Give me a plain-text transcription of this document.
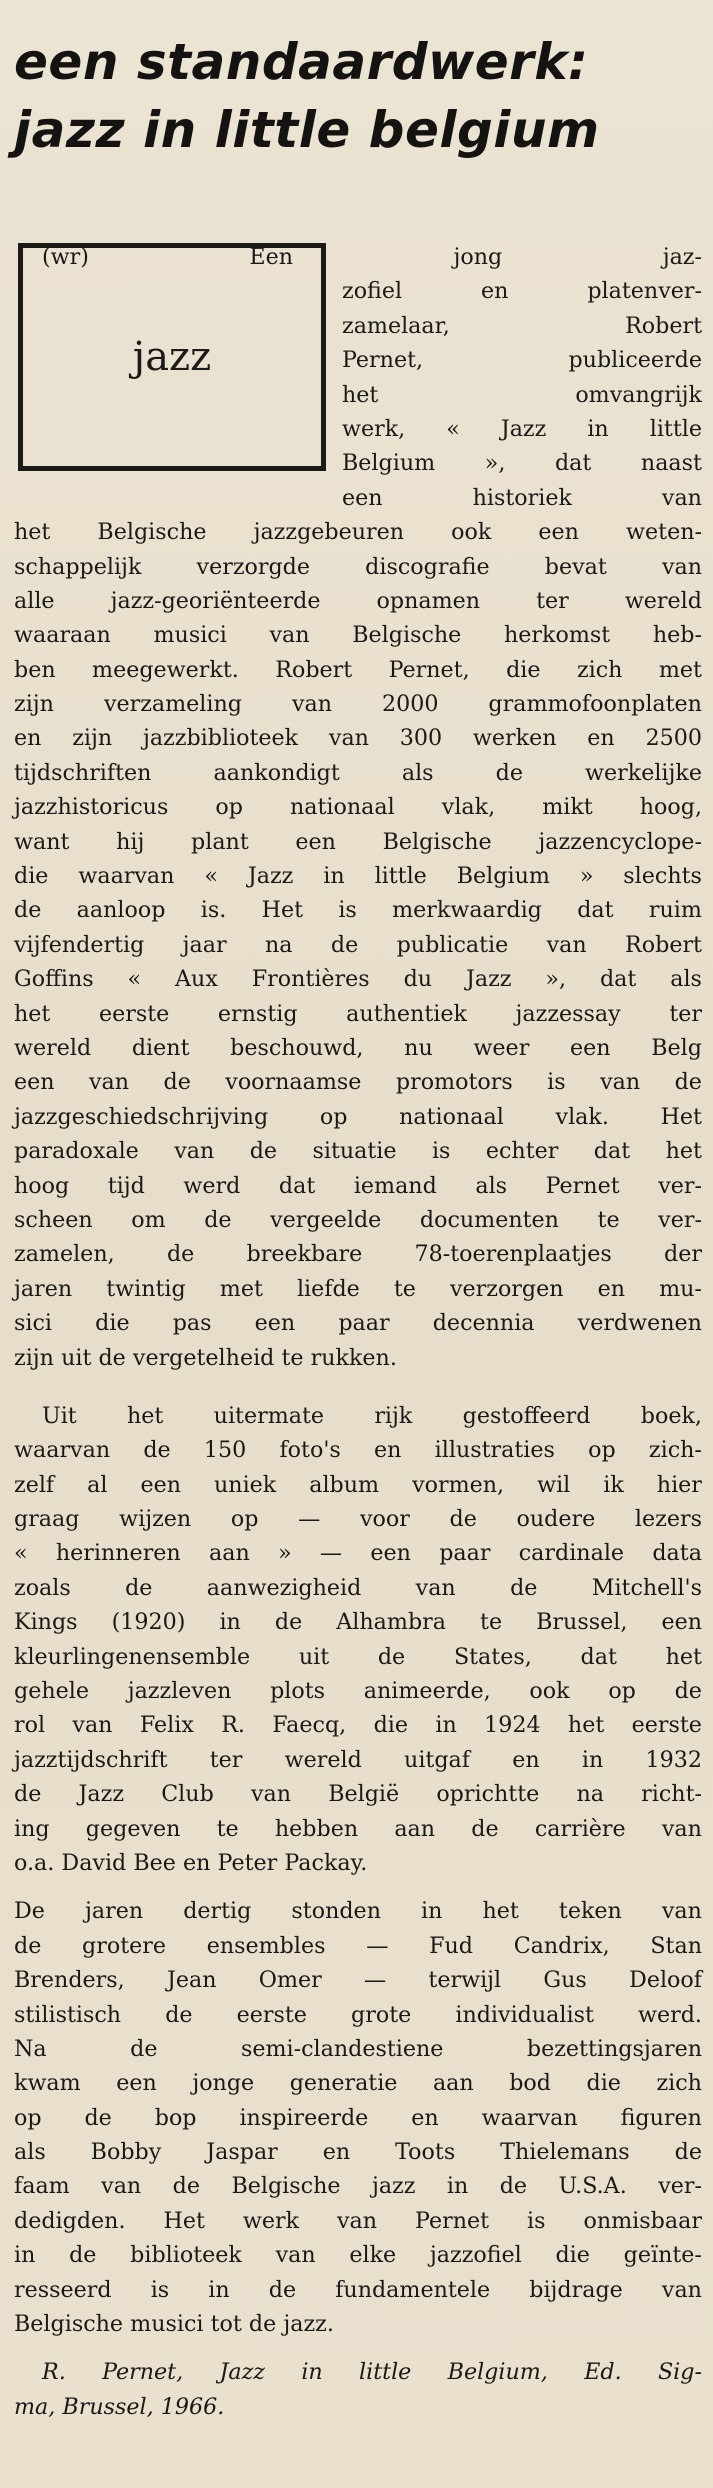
een standaardwerk:
jazz in little belgium
jazz
(wr)	Een	jong	jaz-
zofiel	en	platenver-
zamelaar,	Robert
Pernet,	publiceerde
het	omvangrijk
werk, « Jazz in little
Belgium », dat naast
een	historiek	van
het Belgische jazzgebeuren ook een weten-
schappelijk verzorgde discografie bevat van
alle	jazz-georiënteerde	opnamen	ter	wereld
waaraan musici van Belgische herkomst heb-
ben meegewerkt. Robert Pernet, die zich met
zijn verzameling van 2000 grammofoonplaten
en zijn jazzbiblioteek van 300 werken en 2500
tijdschriften	aankondigt	als	de	werkelijke
jazzhistoricus op nationaal vlak, mikt hoog,
want hij plant een Belgische jazzencyclope-
die waarvan « Jazz in little Belgium » slechts
de aanloop is. Het is merkwaardig dat ruim
vijfendertig jaar na de publicatie van Robert
Goffins « Aux Frontières du Jazz », dat als
het eerste ernstig authentiek jazzessay ter
wereld dient beschouwd, nu weer een Belg
een van de voornaamse promotors is van de
jazzgeschiedschrijving op nationaal vlak. Het
paradoxale van de situatie is echter dat het
hoog tijd werd dat iemand als Pernet ver-
scheen om de vergeelde documenten te ver-
zamelen, de breekbare 78-toerenplaatjes der
jaren twintig met liefde te verzorgen en mu-
sici die pas een paar decennia verdwenen
zijn uit de vergetelheid te rukken.
Uit het uitermate rijk gestoffeerd boek,
waarvan de 150 foto's en illustraties op zich-
zelf al een uniek album vormen, wil ik hier
graag wijzen op — voor de oudere lezers
« herinneren aan » — een paar cardinale data
zoals de aanwezigheid van de Mitchell's
Kings (1920) in de Alhambra te Brussel, een
kleurlingenensemble uit de States, dat het
gehele jazzleven plots animeerde, ook op de
rol van Felix R. Faecq, die in 1924 het eerste
jazztijdschrift ter wereld uitgaf en in 1932
de Jazz Club van België oprichtte na richt-
ing gegeven te hebben aan de carrière van
o.a. David Bee en Peter Packay.
De jaren dertig stonden in het teken van
de grotere ensembles — Fud Candrix, Stan
Brenders, Jean Omer — terwijl Gus Deloof
stilistisch de eerste grote individualist werd.
Na	de	semi-clandestiene	bezettingsjaren
kwam een jonge generatie aan bod die zich
op de bop inspireerde en waarvan figuren
als Bobby Jaspar en Toots Thielemans de
faam van de Belgische jazz in de U.S.A. ver-
dedigden. Het werk van Pernet is onmisbaar
in de biblioteek van elke jazzofiel die geïnte-
resseerd is in de fundamentele bijdrage van
Belgische musici tot de jazz.
R. Pernet, Jazz in little Belgium, Ed. Sig-
ma, Brussel, 1966.
